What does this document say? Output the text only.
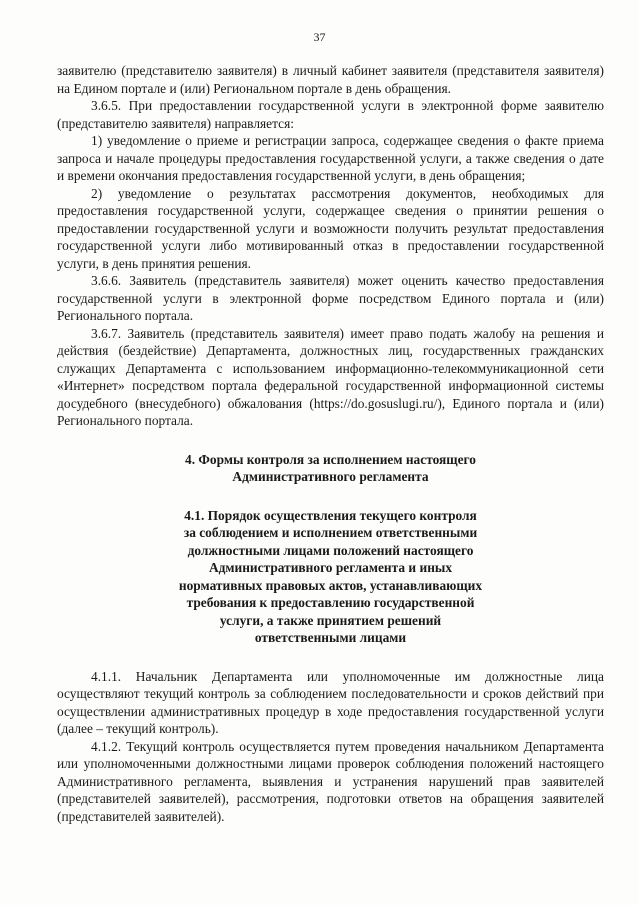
37

заявителю (представителю заявителя) в личный кабинет заявителя (представителя заявителя) на Едином портале и (или) Региональном портале в день обращения.

3.6.5. При предоставлении государственной услуги в электронной форме заявителю (представителю заявителя) направляется:

1) уведомление о приеме и регистрации запроса, содержащее сведения о факте приема запроса и начале процедуры предоставления государственной услуги, а также сведения о дате и времени окончания предоставления государственной услуги, в день обращения;

2) уведомление о результатах рассмотрения документов, необходимых для предоставления государственной услуги, содержащее сведения о принятии решения о предоставлении государственной услуги и возможности получить результат предоставления государственной услуги либо мотивированный отказ в предоставлении государственной услуги, в день принятия решения.

3.6.6. Заявитель (представитель заявителя) может оценить качество предоставления государственной услуги в электронной форме посредством Единого портала и (или) Регионального портала.

3.6.7. Заявитель (представитель заявителя) имеет право подать жалобу на решения и действия (бездействие) Департамента, должностных лиц, государственных гражданских служащих Департамента с использованием информационно-телекоммуникационной сети «Интернет» посредством портала федеральной государственной информационной системы досудебного (внесудебного) обжалования (https://do.gosuslugi.ru/), Единого портала и (или) Регионального портала.

4. Формы контроля за исполнением настоящего
Административного регламента
4.1. Порядок осуществления текущего контроля
за соблюдением и исполнением ответственными
должностными лицами положений настоящего
Административного регламента и иных
нормативных правовых актов, устанавливающих
требования к предоставлению государственной
услуги, а также принятием решений
ответственными лицами

4.1.1. Начальник Департамента или уполномоченные им должностные лица осуществляют текущий контроль за соблюдением последовательности и сроков действий при осуществлении административных процедур в ходе предоставления государственной услуги (далее – текущий контроль).

4.1.2. Текущий контроль осуществляется путем проведения начальником Департамента или уполномоченными должностными лицами проверок соблюдения положений настоящего Административного регламента, выявления и устранения нарушений прав заявителей (представителей заявителей), рассмотрения, подготовки ответов на обращения заявителей (представителей заявителей).
